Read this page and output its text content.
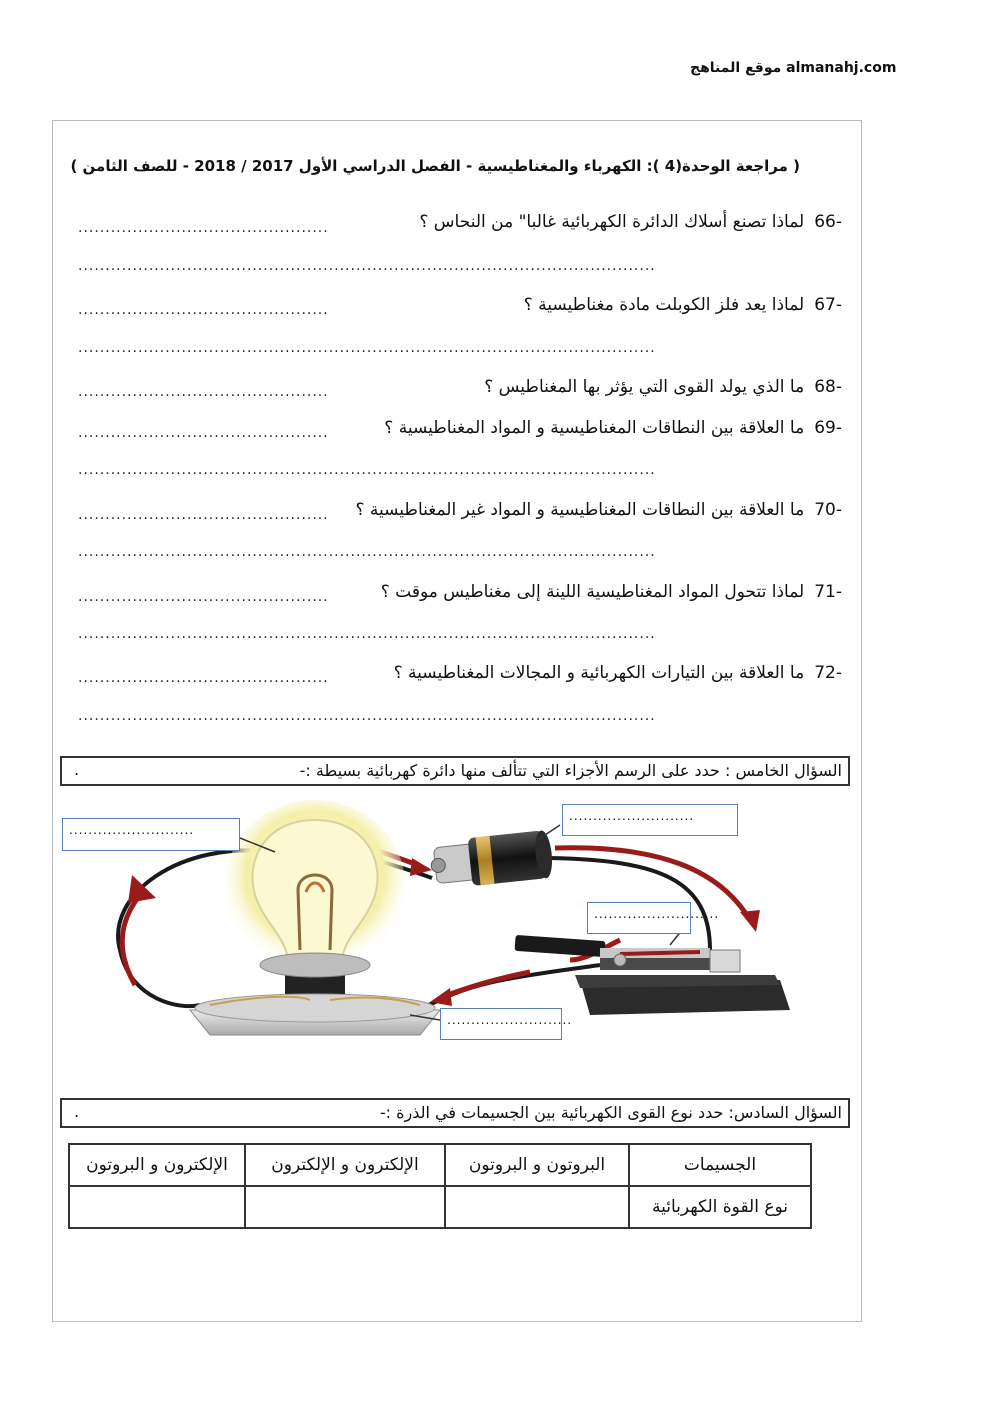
موقع المناهج almanahj.com
( مراجعة الوحدة(4 ): الكهرباء والمغناطيسية - الفصل الدراسي الأول 2017 / 2018 - للصف الثامن )
-66لماذا تصنع أسلاك الدائرة الكهربائية غالبا" من النحاس ؟
..............................................
..........................................................................................................
-67لماذا يعد فلز الكوبلت مادة مغناطيسية ؟
..............................................
..........................................................................................................
-68ما الذي يولد القوى التي يؤثر بها المغناطيس ؟
..............................................
-69ما العلاقة بين النطاقات المغناطيسية و المواد المغناطيسية ؟
..............................................
..........................................................................................................
-70ما العلاقة بين النطاقات المغناطيسية و المواد غير المغناطيسية ؟
..............................................
..........................................................................................................
-71لماذا تتحول المواد المغناطيسية اللينة إلى مغناطيس موقت ؟
..............................................
..........................................................................................................
-72ما العلاقة بين التيارات الكهربائية و المجالات المغناطيسية ؟
..............................................
..........................................................................................................
السؤال الخامس : حدد على الرسم الأجزاء التي تتألف منها دائرة كهربائية بسيطة :-
.
..........................
..........................
..........................
..........................
السؤال السادس: حدد نوع القوى الكهربائية بين الجسيمات في الذرة :-
.
الجسيمات	البروتون و البروتون	الإلكترون و الإلكترون	الإلكترون و البروتون
نوع القوة الكهربائية			
